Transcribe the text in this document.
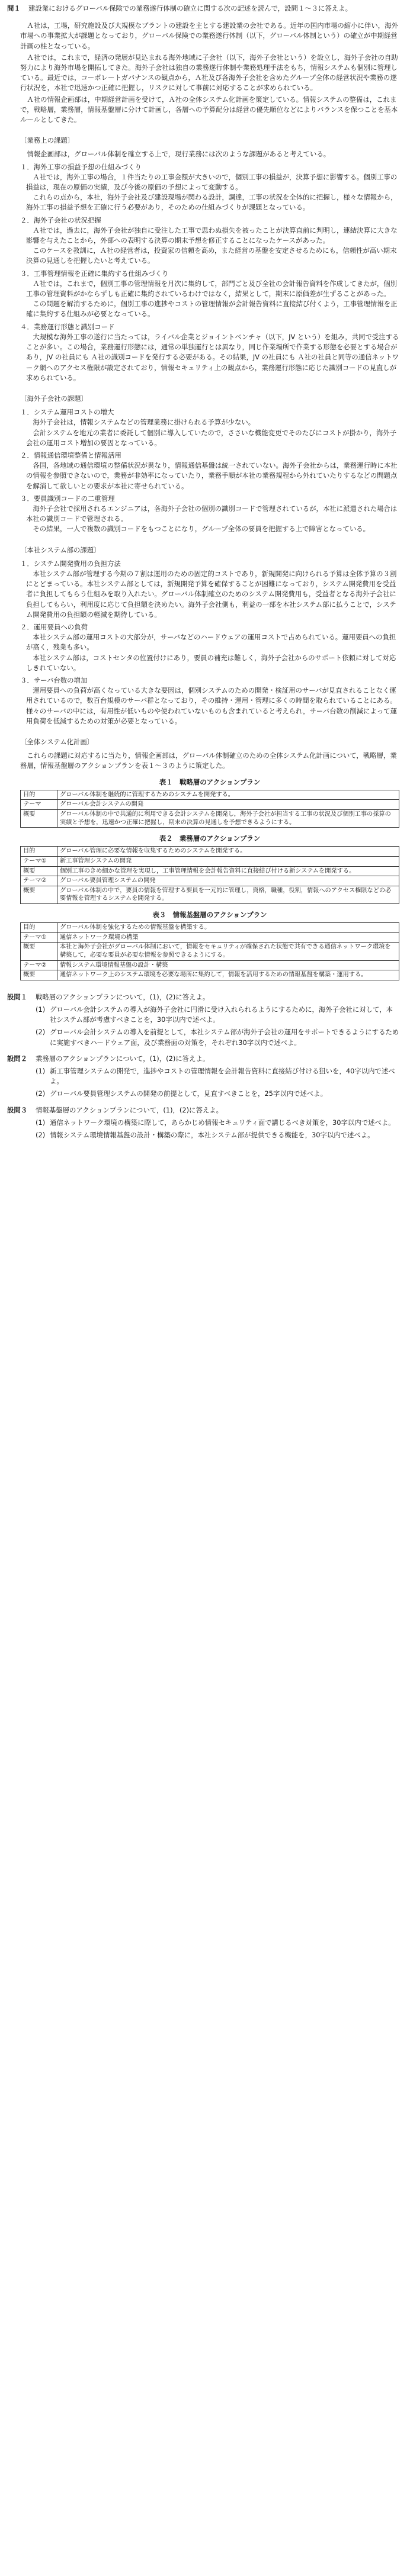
問１	建設業におけるグローバル保険での業務遂行体制の確立に関する次の記述を読んで，設問１〜３に答えよ。

Ａ社は，工場，研究施設及び大規模なプラントの建設を主とする建設業の会社である。近年の国内市場の縮小に伴い，海外市場への事業拡大が課題となっており，グローバル保険での業務遂行体制（以下，グローバル体制という）の確立が中期経営計画の柱となっている。

Ａ社では，これまで，経済の発展が見込まれる海外地域に子会社（以下，海外子会社という）を設立し，海外子会社の自助努力により海外市場を開拓してきた。海外子会社は独自の業務遂行体制や業務処理手法をもち，情報システムも個別に管理している。最近では，コーポレートガバナンスの観点から，Ａ社及び各海外子会社を含めたグループ全体の経営状況や業務の遂行状況を，本社で迅速かつ正確に把握し，リスクに対して事前に対応することが求められている。

Ａ社の情報企画部は，中期経営計画を受けて，Ａ社の全体システム化計画を策定している。情報システムの整備は，これまで，戦略層，業務層，情報基盤層に分けて計画し，各層への予算配分は経営の優先順位などによりバランスを保つことを基本ルールとしてきた。

〔業務上の課題〕

情報企画部は，グローバル体制を確立する上で，現行業務には次のような課題があると考えている。

１．海外工事の損益予想の仕組みづくり

Ａ社では，海外工事の場合，１件当たりの工事金額が大きいので，個別工事の損益が，決算予想に影響する。個別工事の損益は，現在の原価の実績，及び今後の原価の予想によって変動する。

これらの点から，本社，海外子会社及び建設現場が関わる設計，調達，工事の状況を全体的に把握し，様々な情報から，海外工事の損益予想を正確に行う必要があり，そのための仕組みづくりが課題となっている。

２．海外子会社の状況把握

Ａ社では，過去に，海外子会社が独自に受注した工事で思わぬ損失を被ったことが決算直前に判明し，連結決算に大きな影響を与えたことから，外部への表明する決算の期末予想を修正することになったケースがあった。

このケースを教訓に，Ａ社の経営者は，投資家の信頼を高め，また経営の基盤を安定させるためにも，信頼性が高い期末決算の見通しを把握したいと考えている。

３．工事管理情報を正確に集約する仕組みづくり

Ａ社では，これまで，個別工事の管理情報を月次に集約して，部門ごと及び全社の会計報告資料を作成してきたが，個別工事の管理資料がかならずしも正確に集約されているわけではなく，結果として，期末に原価差が生ずることがあった。

この問題を解消するために，個別工事の進捗やコストの管理情報が会計報告資料に直接結び付くよう，工事管理情報を正確に集約する仕組みが必要となっている。

４．業務運行形態と識別コード

大規模な海外工事の遂行に当たっては，ライバル企業とジョイントベンチャ（以下，JV という）を組み，共同で受注することが多い。この場合，業務運行形態には，通常の単独運行とは異なり，同じ作業場所で作業する形態を必要とする場合があり，JV の社員にも Ａ社の識別コードを発行する必要がある。その結果，JV の社員にも Ａ社の社員と同等の通信ネットワーク網へのアクセス権限が設定されており，情報セキュリティ上の観点から，業務運行形態に応じた識別コードの見直しが求められている。

〔海外子会社の課題〕
１．システム運用コストの増大

海外子会社は，情報システムなどの管理業務に掛けられる予算が少ない。

会計システムを地元の業者に委託して個別に導入していたので，ささいな機能変更でそのたびにコストが掛かり，海外子会社の運用コスト増加の要因となっている。

２．情報通信環境整備と情報活用

各国，各地域の通信環境の整備状況が異なり，情報通信基盤は統一されていない。海外子会社からは，業務運行時に本社の情報を参照できないので，業務が非効率になっていたり，業務手順が本社の業務規程から外れていたりするなどの問題点を解消して欲しいとの要求が本社に寄せられている。

３．要員識別コードの二重管理

海外子会社で採用されるエンジニアは，各海外子会社の個別の識別コードで管理されているが，本社に派遣された場合は本社の識別コードで管理される。

その結果，一人で複数の識別コードをもつことになり，グループ全体の要員を把握する上で障害となっている。

〔本社システム部の課題〕
１．システム開発費用の負担方法

本社システム部が管理する今期の７割は運用のための固定的コストであり，新規開発に向けられる予算は全体予算の３割にとどまっている。本社システム部としては，新規開発予算を確保することが困難になっており，システム開発費用を受益者に負担してもらう仕組みを取り入れたい。グローバル体制確立のためのシステム開発費用も，受益者となる海外子会社に負担してもらい，利用度に応じて負担額を決めたい。海外子会社側も，利益の一部を本社システム部に払うことで，システム開発費用の負担額の軽減を期待している。

２．運用要員への負荷

本社システム部の運用コストの大部分が，サーバなどのハードウェアの運用コストで占められている。運用要員への負担が高く，残業も多い。

本社システム部は，コストセンタの位置付けにあり，要員の補充は難しく，海外子会社からのサポート依頼に対して対応しきれていない。

３．サーバ台数の増加

運用要員への負荷が高くなっている大きな要因は，個別システムのための開発・検証用のサーバが見直されることなく運用されているので，数百台規模のサーバ群となっており，その維持・運用・管理に多くの時間を取られていることにある。様々のサーバの中には，有用性が低いものや使われていないものも含まれていると考えられ，サーバ台数の削減によって運用負荷を低減するための対策が必要となっている。

〔全体システム化計画〕

これらの課題に対応するに当たり，情報企画部は，グローバル体制確立のための全体システム化計画について，戦略層，業務層，情報基盤層のアクションプランを表１〜３のように策定した。

表１　戦略層のアクションプラン
目的	グローバル体制を継続的に管理するためのシステムを開発する。
テーマ	グローバル会計システムの開発
概要	グローバル体制の中で共通的に利用できる会計システムを開発し，海外子会社が担当する工事の状況及び個別工事の採算の実績と予想を，迅速かつ正確に把握し，期末の決算の見通しを予想できるようにする。
表２　業務層のアクションプラン
目的	グローバル管理に必要な情報を収集するためのシステムを開発する。
テーマ①	新工事管理システムの開発
概要	個別工事のきめ細かな管理を実現し，工事管理情報を会計報告資料に直接結び付ける新システムを開発する。
テーマ②	グローバル要員管理システムの開発
概要	グローバル体制の中で，要員の情報を管理する要員を一元的に管理し，資格，職種，役割，情報へのアクセス権限などの必要情報を管理するシステムを開発する。
表３　情報基盤層のアクションプラン
目的	グローバル体制を強化するための情報基盤を構築する。
テーマ①	通信ネットワーク環境の構築
概要	本社と海外子会社がグローバル体制において，情報をセキュリティが確保された状態で共有できる通信ネットワーク環境を構築して，必要な要員が必要な情報を参照できるようにする。
テーマ②	情報システム環境情報基盤の設計・構築
概要	通信ネットワーク上のシステム環境を必要な場所に集約して，情報を活用するための情報基盤を構築・運用する。
設問１	戦略層のアクションプランについて，(1)，(2)に答えよ。
(1) グローバル会計システムの導入が海外子会社に円滑に受け入れられるようにするために，海外子会社に対して，本社システム部が考慮すべきことを，30字以内で述べよ。
(2) グローバル会計システムの導入を前提として，本社システム部が海外子会社の運用をサポートできるようにするために実施すべきハードウェア面，及び業務面の対策を，それぞれ30字以内で述べよ。
設問２	業務層のアクションプランについて，(1)，(2)に答えよ。
(1) 新工事管理システムの開発で，進捗やコストの管理情報を会計報告資料に直接結び付ける狙いを，40字以内で述べよ。
(2) グローバル要員管理システムの開発の前提として，見直すべきことを，25字以内で述べよ。
設問３	情報基盤層のアクションプランについて，(1)，(2)に答えよ。
(1) 通信ネットワーク環境の構築に際して，あらかじめ情報セキュリティ面で講じるべき対策を，30字以内で述べよ。
(2) 情報システム環境情報基盤の設計・構築の際に，本社システム部が提供できる機能を，30字以内で述べよ。
